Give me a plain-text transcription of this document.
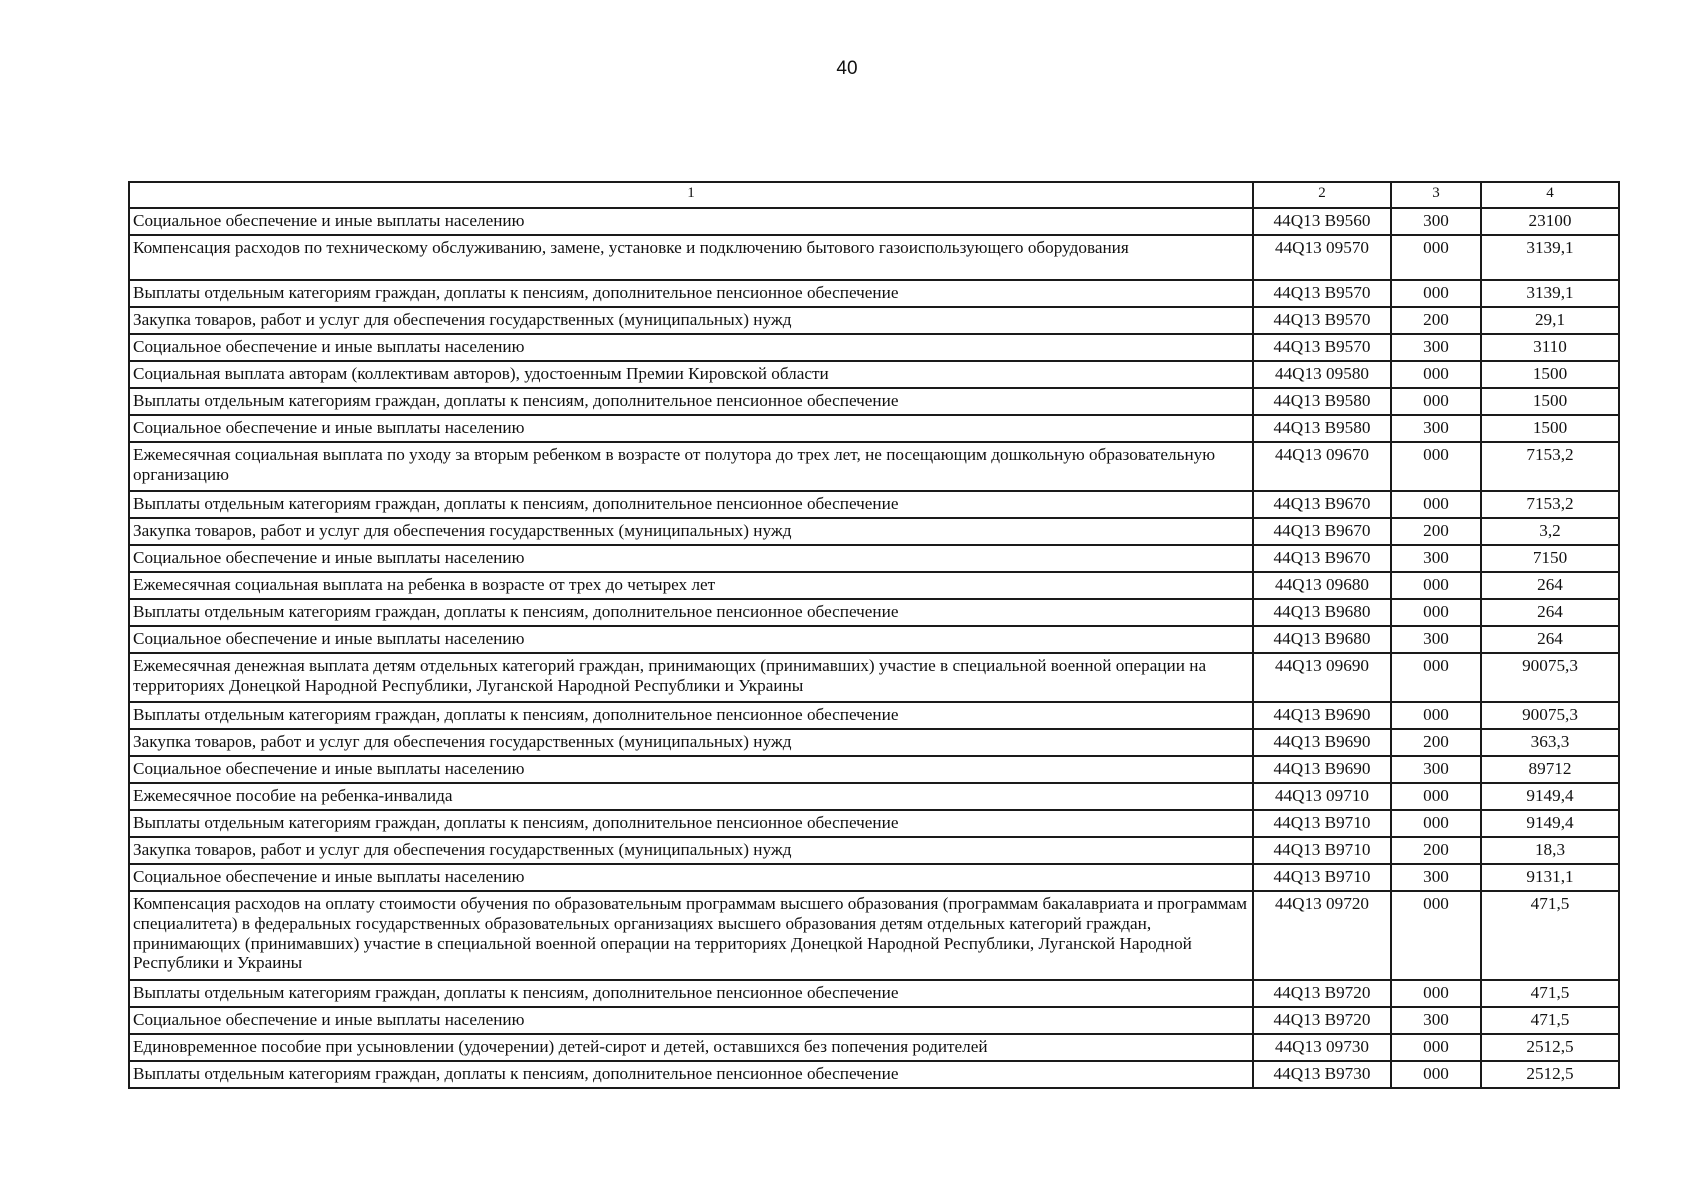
40
1	2	3	4
Социальное обеспечение и иные выплаты населению	44Q13 B9560	300	23100
Компенсация расходов по техническому обслуживанию, замене, установке и подключению бытового газоиспользующего оборудования	44Q13 09570	000	3139,1
Выплаты отдельным категориям граждан, доплаты к пенсиям, дополнительное пенсионное обеспечение	44Q13 B9570	000	3139,1
Закупка товаров, работ и услуг для обеспечения государственных (муниципальных) нужд	44Q13 B9570	200	29,1
Социальное обеспечение и иные выплаты населению	44Q13 B9570	300	3110
Социальная выплата авторам (коллективам авторов), удостоенным Премии Кировской области	44Q13 09580	000	1500
Выплаты отдельным категориям граждан, доплаты к пенсиям, дополнительное пенсионное обеспечение	44Q13 B9580	000	1500
Социальное обеспечение и иные выплаты населению	44Q13 B9580	300	1500
Ежемесячная социальная выплата по уходу за вторым ребенком в возрасте от полутора до трех лет, не посещающим дошкольную образовательную организацию	44Q13 09670	000	7153,2
Выплаты отдельным категориям граждан, доплаты к пенсиям, дополнительное пенсионное обеспечение	44Q13 B9670	000	7153,2
Закупка товаров, работ и услуг для обеспечения государственных (муниципальных) нужд	44Q13 B9670	200	3,2
Социальное обеспечение и иные выплаты населению	44Q13 B9670	300	7150
Ежемесячная социальная выплата на ребенка в возрасте от трех до четырех лет	44Q13 09680	000	264
Выплаты отдельным категориям граждан, доплаты к пенсиям, дополнительное пенсионное обеспечение	44Q13 B9680	000	264
Социальное обеспечение и иные выплаты населению	44Q13 B9680	300	264
Ежемесячная денежная выплата детям отдельных категорий граждан, принимающих (принимавших) участие в специальной военной операции на территориях Донецкой Народной Республики, Луганской Народной Республики и Украины	44Q13 09690	000	90075,3
Выплаты отдельным категориям граждан, доплаты к пенсиям, дополнительное пенсионное обеспечение	44Q13 B9690	000	90075,3
Закупка товаров, работ и услуг для обеспечения государственных (муниципальных) нужд	44Q13 B9690	200	363,3
Социальное обеспечение и иные выплаты населению	44Q13 B9690	300	89712
Ежемесячное пособие на ребенка-инвалида	44Q13 09710	000	9149,4
Выплаты отдельным категориям граждан, доплаты к пенсиям, дополнительное пенсионное обеспечение	44Q13 B9710	000	9149,4
Закупка товаров, работ и услуг для обеспечения государственных (муниципальных) нужд	44Q13 B9710	200	18,3
Социальное обеспечение и иные выплаты населению	44Q13 B9710	300	9131,1
Компенсация расходов на оплату стоимости обучения по образовательным программам высшего образования (программам бакалавриата и программам специалитета) в федеральных государственных образовательных организациях высшего образования детям отдельных категорий граждан, принимающих (принимавших) участие в специальной военной операции на территориях Донецкой Народной Республики, Луганской Народной Республики и Украины	44Q13 09720	000	471,5
Выплаты отдельным категориям граждан, доплаты к пенсиям, дополнительное пенсионное обеспечение	44Q13 B9720	000	471,5
Социальное обеспечение и иные выплаты населению	44Q13 B9720	300	471,5
Единовременное пособие при усыновлении (удочерении) детей-сирот и детей, оставшихся без попечения родителей	44Q13 09730	000	2512,5
Выплаты отдельным категориям граждан, доплаты к пенсиям, дополнительное пенсионное обеспечение	44Q13 B9730	000	2512,5
